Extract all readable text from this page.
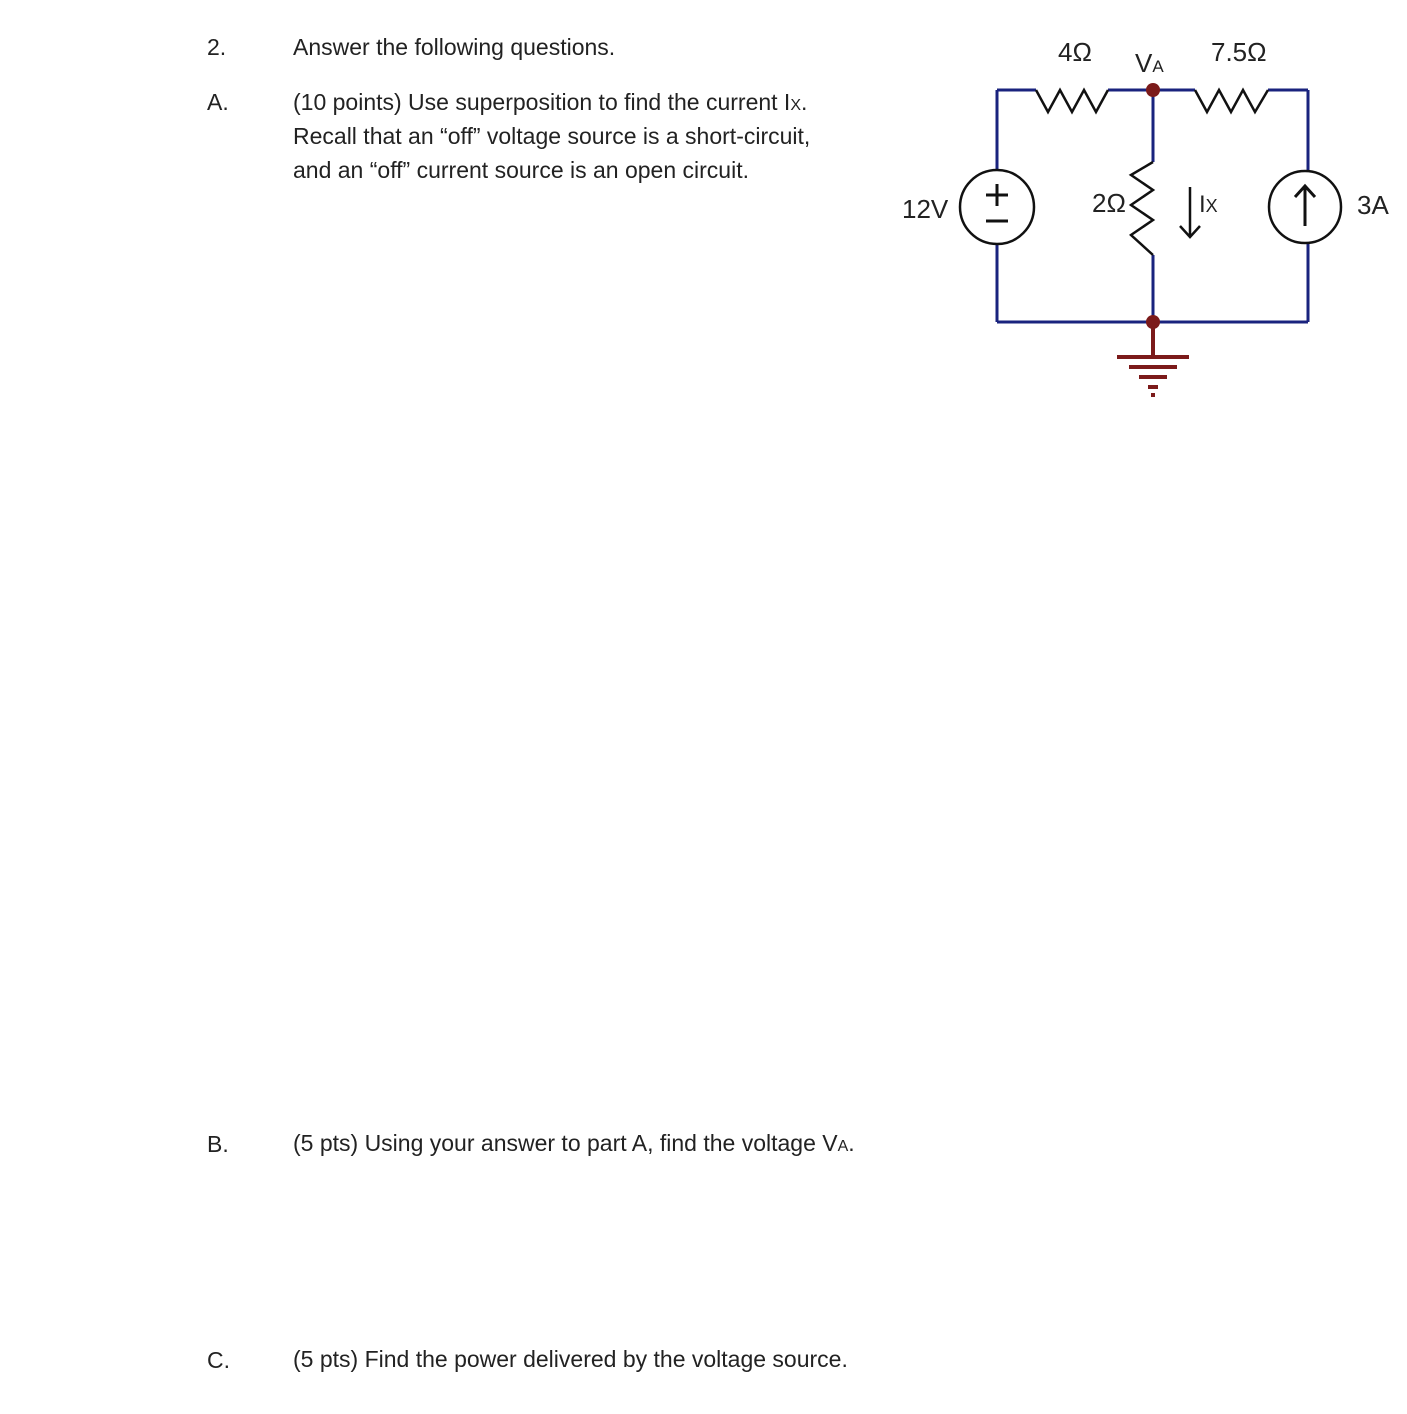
2.	Answer the following questions.
A.	(10 points) Use superposition to find the current IX.
Recall that an “off” voltage source is a short-circuit,
and an “off” current source is an open circuit.
B.	(5 pts) Using your answer to part A, find the voltage VA.
C.	(5 pts) Find the power delivered by the voltage source.
4Ω	7.5Ω
2Ω
VA
12V	3A
IX
